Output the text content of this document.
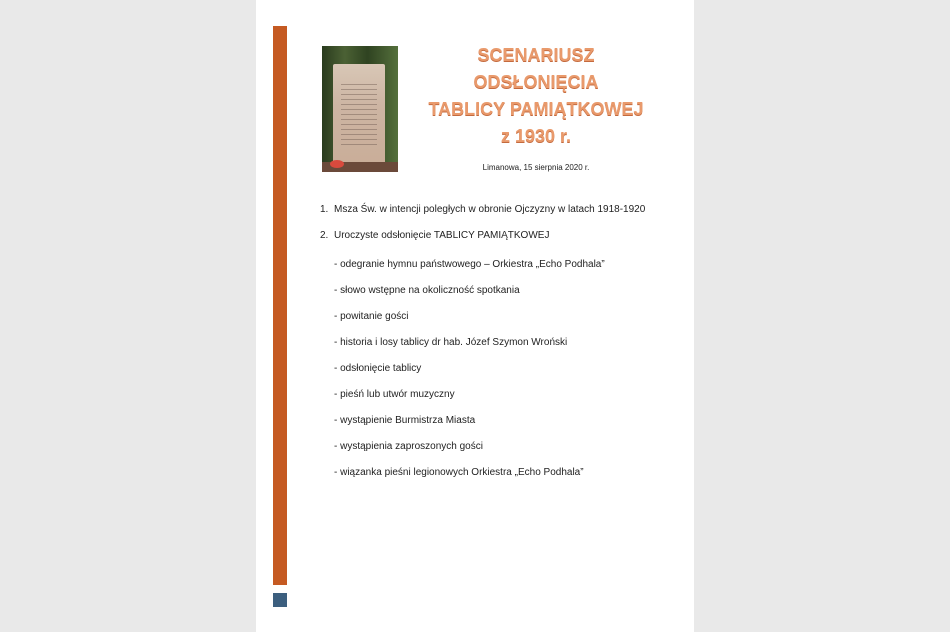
SCENARIUSZ
ODSŁONIĘCIA
TABLICY PAMIĄTKOWEJ
z 1930 r.
Limanowa, 15 sierpnia 2020 r.
1. Msza Św. w intencji poległych w obronie Ojczyzny w latach 1918-1920
2. Uroczyste odsłonięcie TABLICY PAMIĄTKOWEJ
- odegranie hymnu państwowego – Orkiestra „Echo Podhala”
- słowo wstępne na okoliczność spotkania
- powitanie gości
- historia i losy tablicy dr hab. Józef Szymon Wroński
- odsłonięcie tablicy
- pieśń lub utwór muzyczny
- wystąpienie Burmistrza Miasta
- wystąpienia zaproszonych gości
- wiązanka pieśni legionowych Orkiestra „Echo Podhala”
